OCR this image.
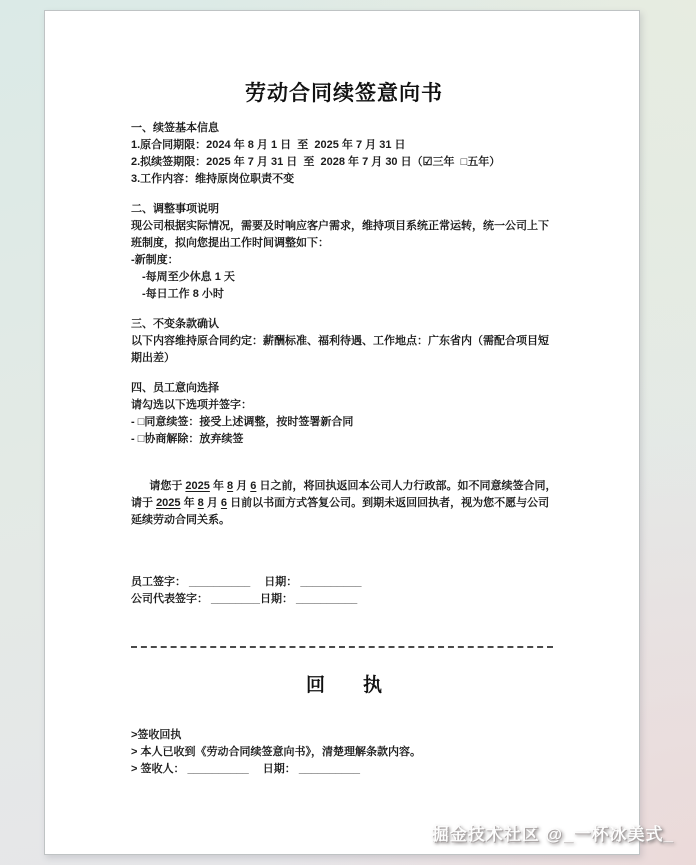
劳动合同续签意向书
一、续签基本信息
1.原合同期限：2024 年 8 月 1 日  至  2025 年 7 月 31 日
2.拟续签期限：2025 年 7 月 31 日  至  2028 年 7 月 30 日（☑三年  □五年）
3.工作内容：维持原岗位职责不变
二、调整事项说明
现公司根据实际情况，需要及时响应客户需求，维持项目系统正常运转，统一公司上下班制度，拟向您提出工作时间调整如下：
-新制度：
-每周至少休息 1 天
-每日工作 8 小时
三、不变条款确认
以下内容维持原合同约定：薪酬标准、福利待遇、工作地点：广东省内（需配合项目短期出差）
四、员工意向选择
请勾选以下选项并签字：
- □同意续签：接受上述调整，按时签署新合同
- □协商解除：放弃续签

请您于 2025 年 8 月 6 日之前，将回执返回本公司人力行政部。如不同意续签合同，请于 2025 年 8 月 6 日前以书面方式答复公司。到期未返回回执者，视为您不愿与公司延续劳动合同关系。

员工签字： __________　 日期： __________
公司代表签字： ________日期： __________
回　　执
>签收回执
> 本人已收到《劳动合同续签意向书》，清楚理解条款内容。
> 签收人： __________　 日期： __________
掘金技术社区 @_一杯冰美式_
